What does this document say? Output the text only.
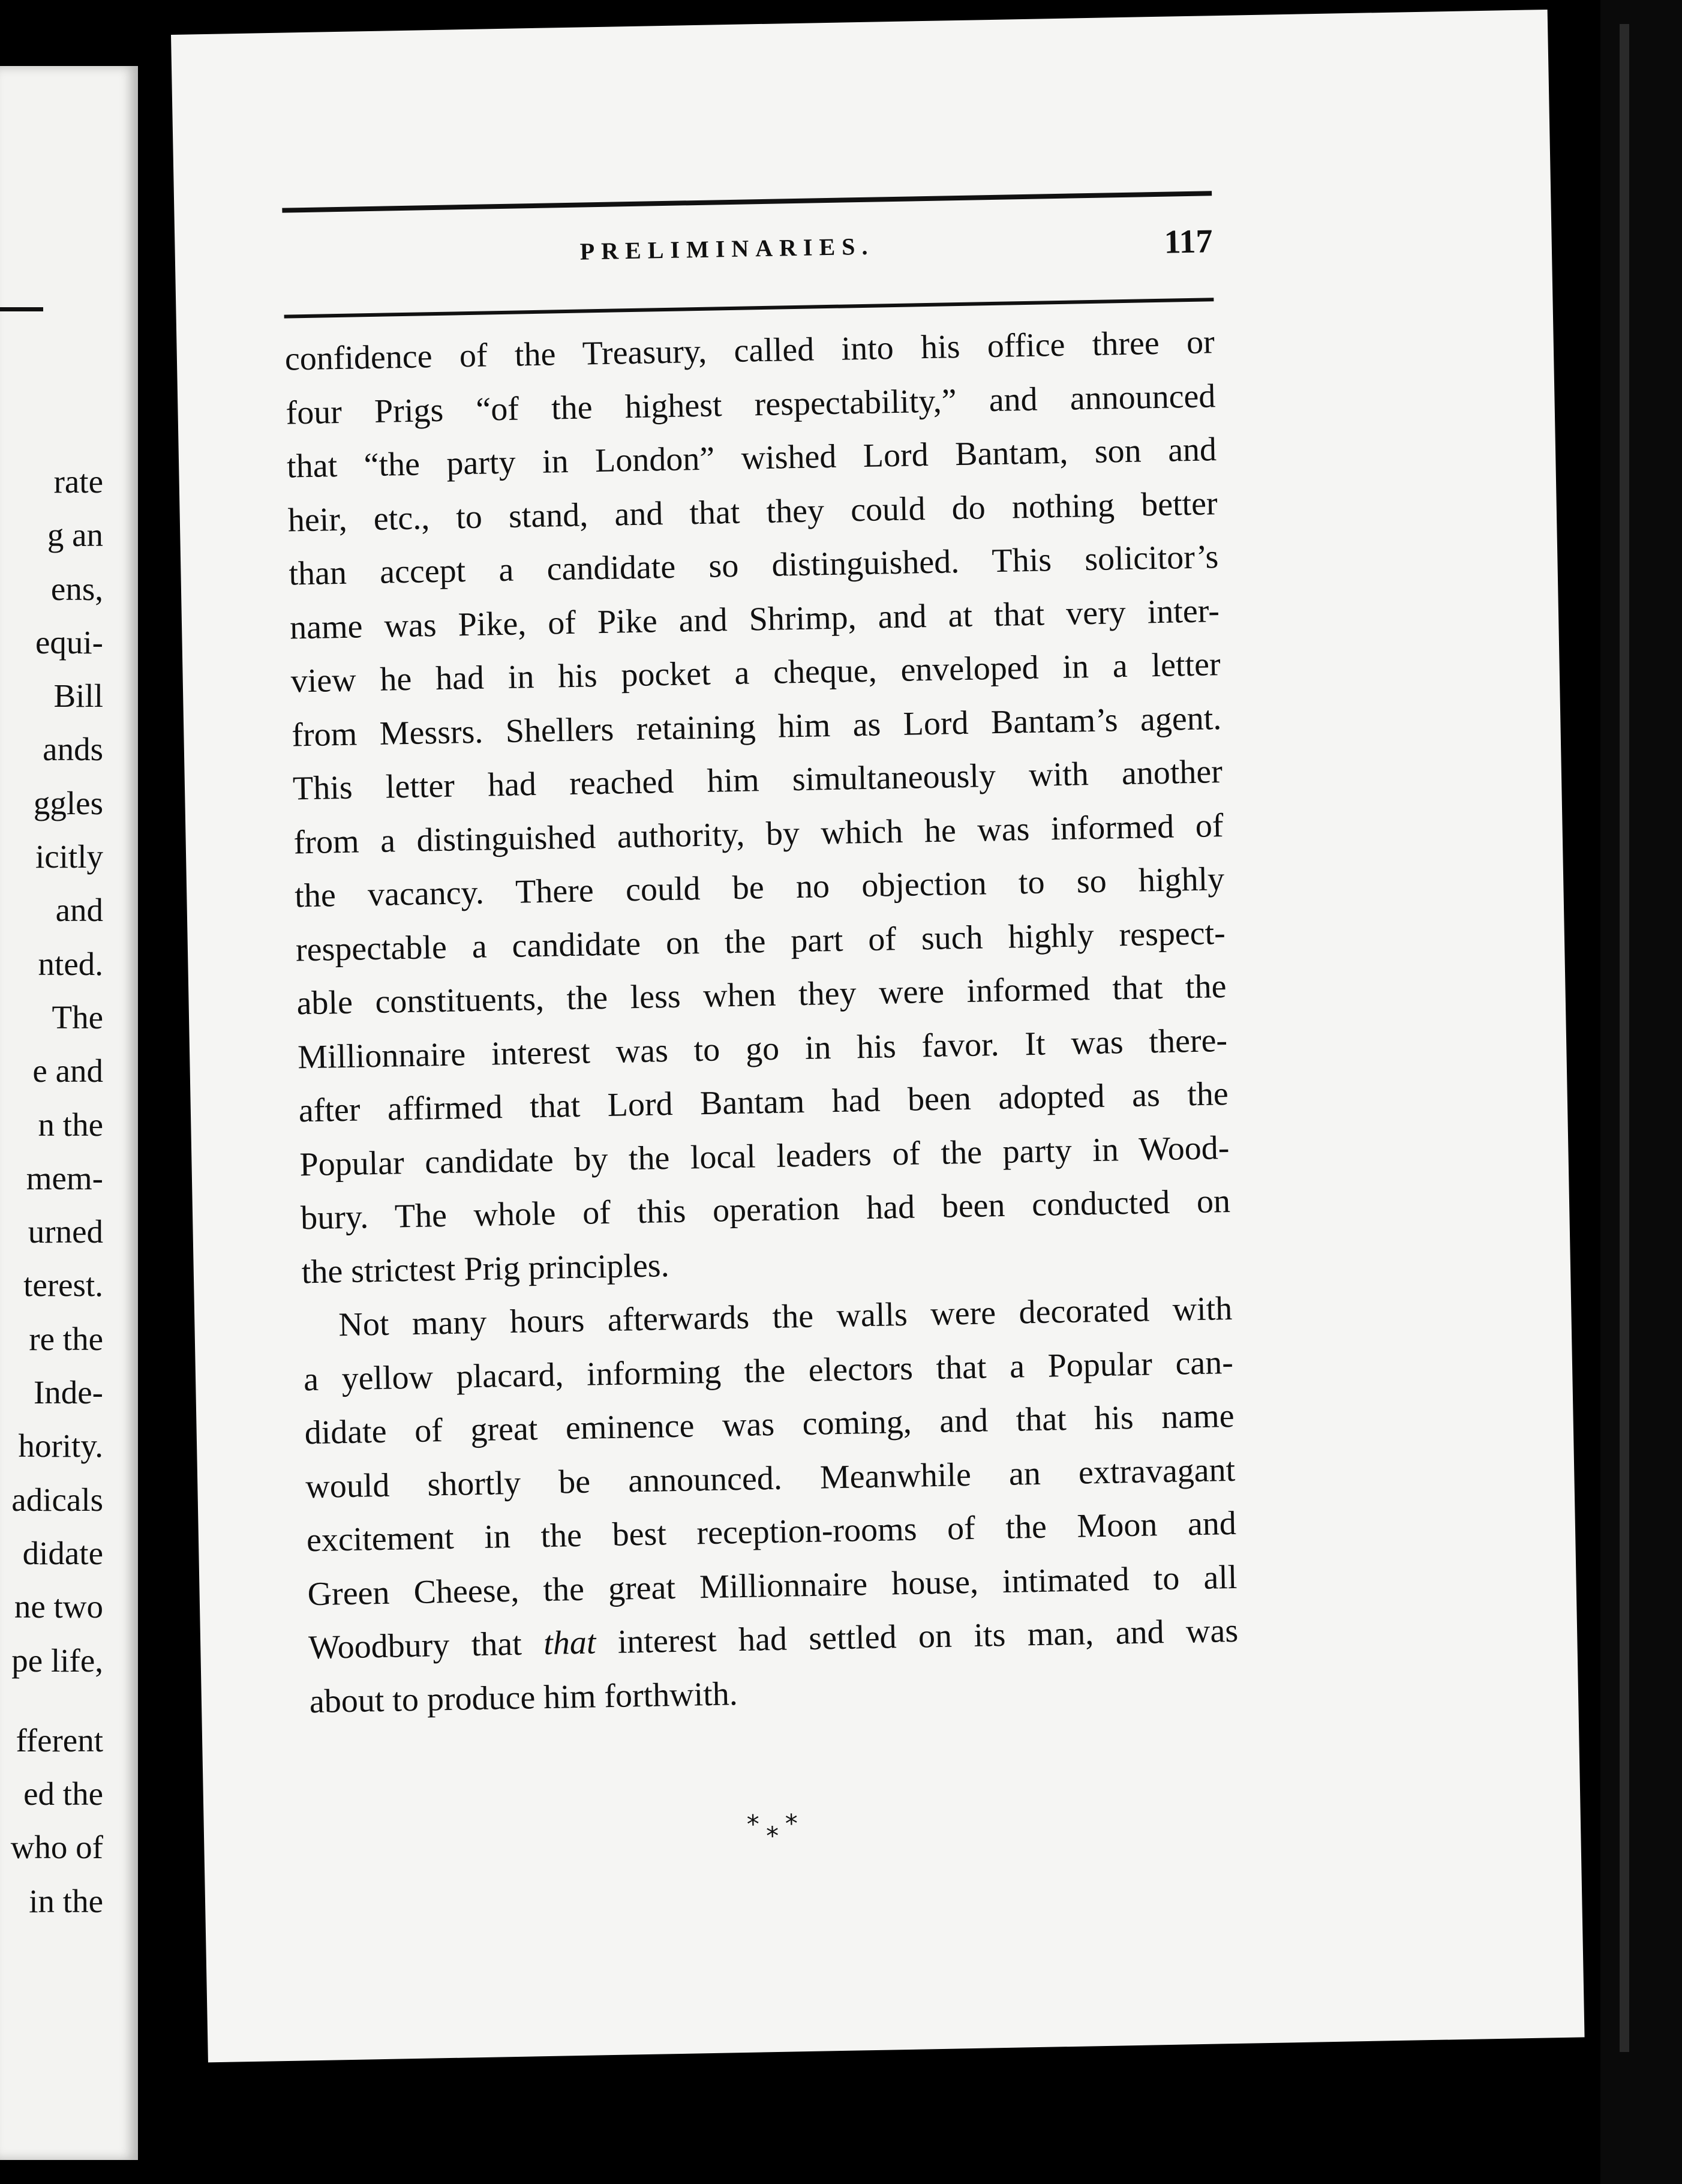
rate
g an
ens,
equi-
Bill
ands
ggles
icitly
and
nted.
The
e and
n the
mem-
urned
terest.
re the
Inde-
hority.
adicals
didate
ne two
pe life,
fferent
ed the
who of
in the
PRELIMINARIES.	117

confidence of the Treasury, called into his office three or
four Prigs “of the highest respectability,” and announced
that “the party in London” wished Lord Bantam, son and
heir, etc., to stand, and that they could do nothing better
than accept a candidate so distinguished. This solicitor’s
name was Pike, of Pike and Shrimp, and at that very inter-
view he had in his pocket a cheque, enveloped in a letter
from Messrs. Shellers retaining him as Lord Bantam’s agent.
This letter had reached him simultaneously with another
from a distinguished authority, by which he was informed of
the vacancy. There could be no objection to so highly
respectable a candidate on the part of such highly respect-
able constituents, the less when they were informed that the
Millionnaire interest was to go in his favor. It was there-
after affirmed that Lord Bantam had been adopted as the
Popular candidate by the local leaders of the party in Wood-
bury. The whole of this operation had been conducted on
the strictest Prig principles.

Not many hours afterwards the walls were decorated with
a yellow placard, informing the electors that a Popular can-
didate of great eminence was coming, and that his name
would shortly be announced. Meanwhile an extravagant
excitement in the best reception-rooms of the Moon and
Green Cheese, the great Millionnaire house, intimated to all
Woodbury that that interest had settled on its man, and was
about to produce him forthwith.

* * *
